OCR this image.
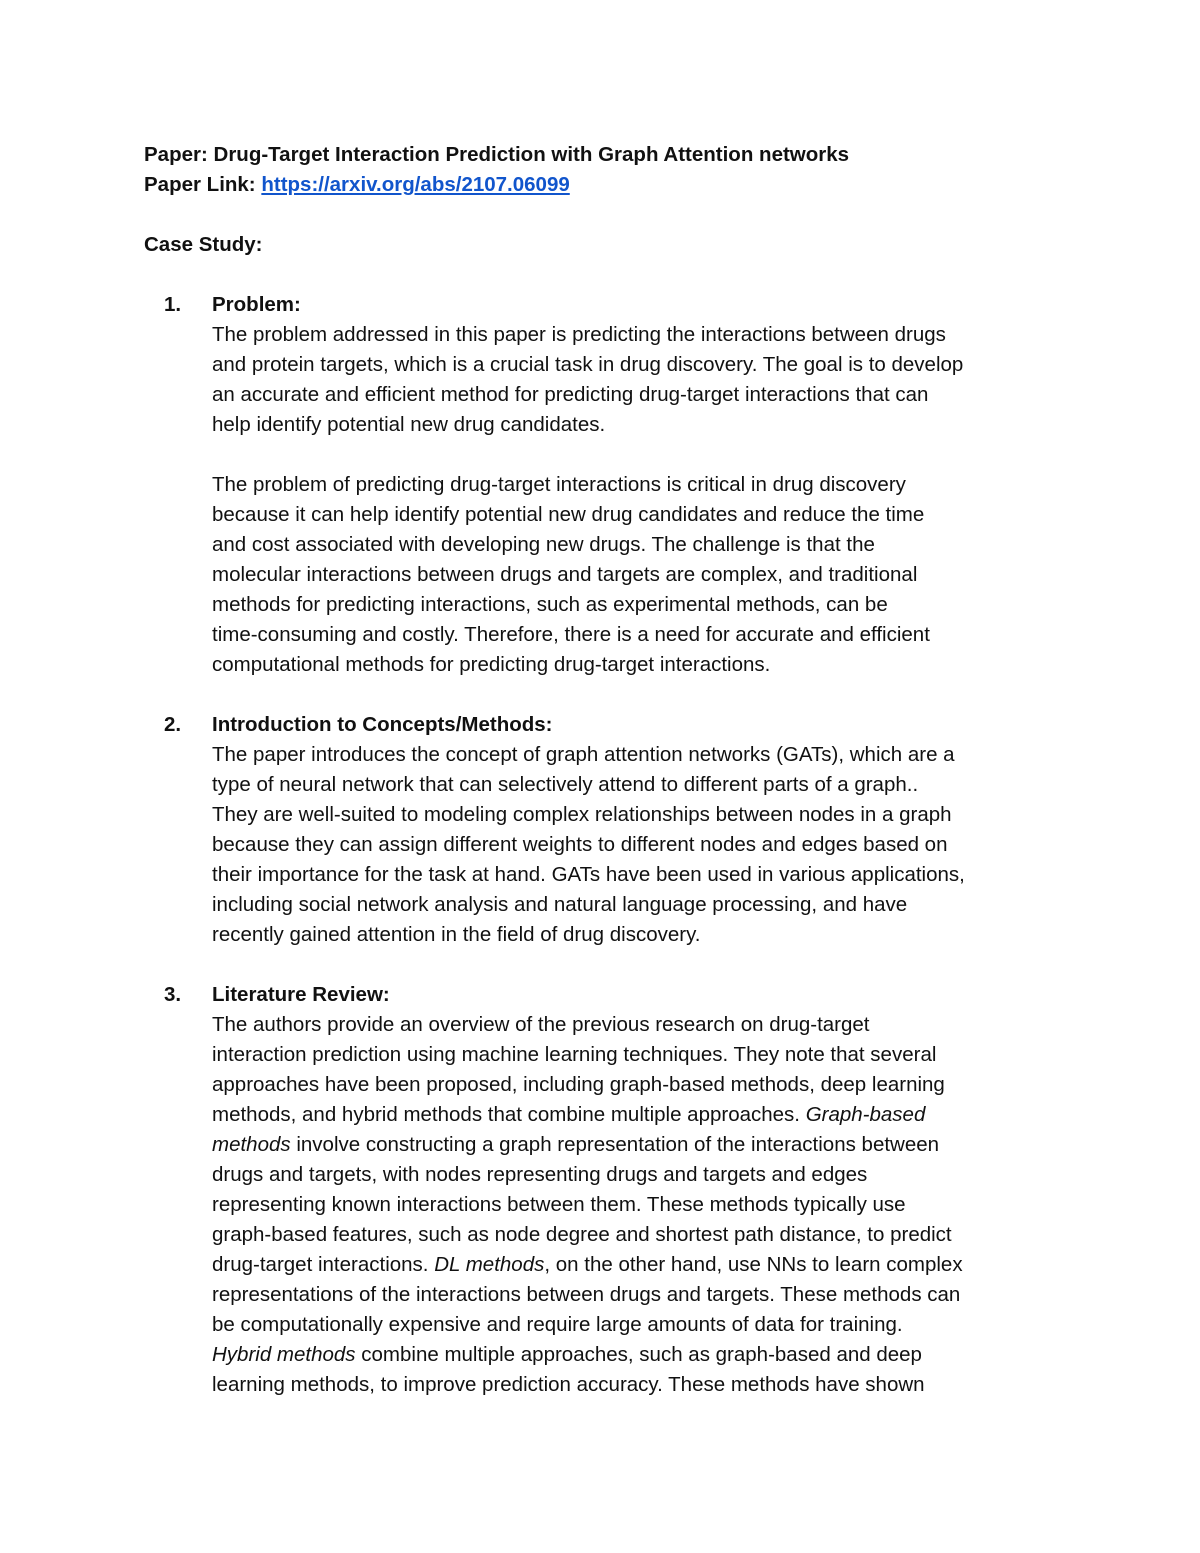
Paper: Drug-Target Interaction Prediction with Graph Attention networks

Paper Link: https://arxiv.org/abs/2107.06099

Case Study:

1. Problem:

The problem addressed in this paper is predicting the interactions between drugs
and protein targets, which is a crucial task in drug discovery. The goal is to develop
an accurate and efficient method for predicting drug-target interactions that can
help identify potential new drug candidates.

The problem of predicting drug-target interactions is critical in drug discovery
because it can help identify potential new drug candidates and reduce the time
and cost associated with developing new drugs. The challenge is that the
molecular interactions between drugs and targets are complex, and traditional
methods for predicting interactions, such as experimental methods, can be
time-consuming and costly. Therefore, there is a need for accurate and efficient
computational methods for predicting drug-target interactions.

2. Introduction to Concepts/Methods:

The paper introduces the concept of graph attention networks (GATs), which are a
type of neural network that can selectively attend to different parts of a graph..
They are well-suited to modeling complex relationships between nodes in a graph
because they can assign different weights to different nodes and edges based on
their importance for the task at hand. GATs have been used in various applications,
including social network analysis and natural language processing, and have
recently gained attention in the field of drug discovery.

3. Literature Review:

The authors provide an overview of the previous research on drug-target
interaction prediction using machine learning techniques. They note that several
approaches have been proposed, including graph-based methods, deep learning
methods, and hybrid methods that combine multiple approaches. Graph-based
methods involve constructing a graph representation of the interactions between
drugs and targets, with nodes representing drugs and targets and edges
representing known interactions between them. These methods typically use
graph-based features, such as node degree and shortest path distance, to predict
drug-target interactions. DL methods, on the other hand, use NNs to learn complex
representations of the interactions between drugs and targets. These methods can
be computationally expensive and require large amounts of data for training.
Hybrid methods combine multiple approaches, such as graph-based and deep
learning methods, to improve prediction accuracy. These methods have shown
